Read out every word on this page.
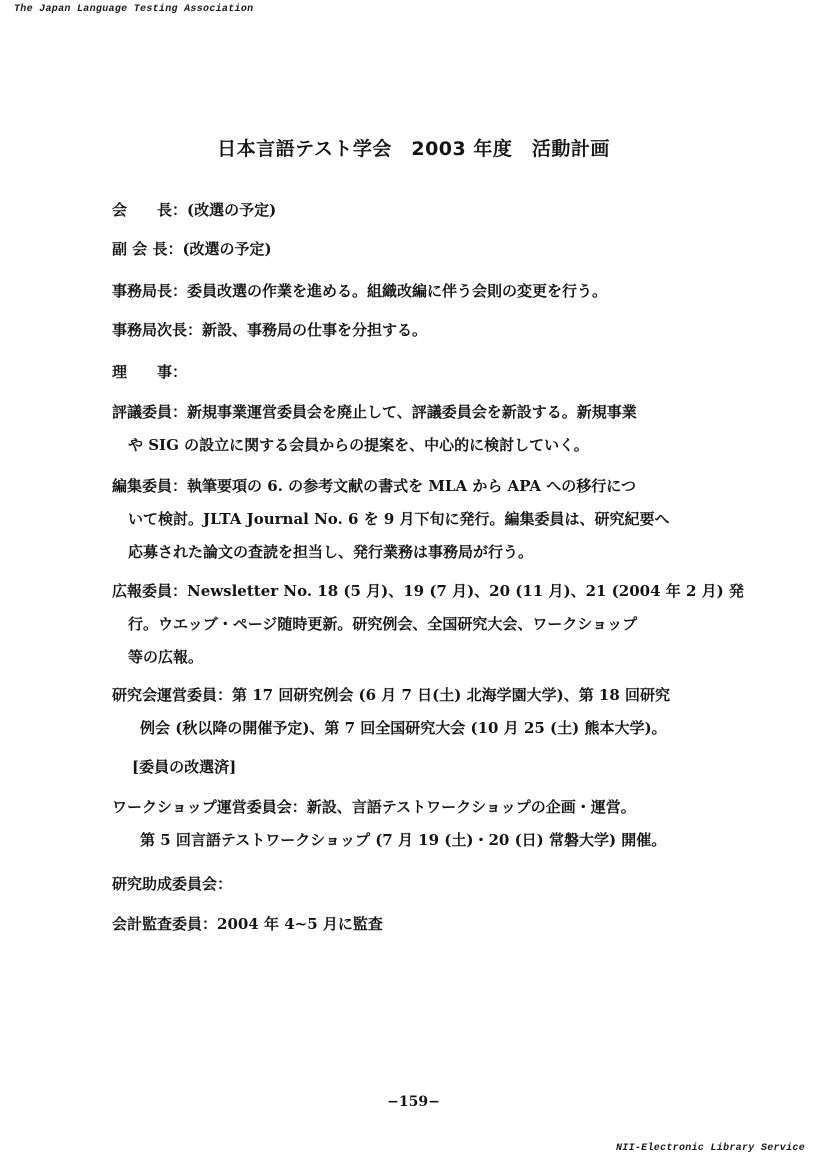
The Japan Language Testing Association
日本言語テスト学会　2003 年度　活動計画
会　　長：(改選の予定)
副 会 長：(改選の予定)
事務局長：委員改選の作業を進める。組織改編に伴う会則の変更を行う。
事務局次長：新設、事務局の仕事を分担する。
理　　事：
評議委員：新規事業運営委員会を廃止して、評議委員会を新設する。新規事業
や SIG の設立に関する会員からの提案を、中心的に検討していく。
編集委員：執筆要項の 6. の参考文献の書式を MLA から APA への移行につ
いて検討。JLTA Journal No. 6 を 9 月下旬に発行。編集委員は、研究紀要へ
応募された論文の査読を担当し、発行業務は事務局が行う。
広報委員：Newsletter No. 18 (5 月)、19 (7 月)、20 (11 月)、21 (2004 年 2 月) 発
行。ウエッブ・ページ随時更新。研究例会、全国研究大会、ワークショップ
等の広報。
研究会運営委員：第 17 回研究例会 (6 月 7 日(土) 北海学園大学)、第 18 回研究
例会 (秋以降の開催予定)、第 7 回全国研究大会 (10 月 25 (土) 熊本大学)。
[委員の改選済]
ワークショップ運営委員会：新設、言語テストワークショップの企画・運営。
第 5 回言語テストワークショップ (7 月 19 (土)・20 (日) 常磐大学) 開催。
研究助成委員会：
会計監査委員：2004 年 4~5 月に監査
−159−
NII-Electronic Library Service
